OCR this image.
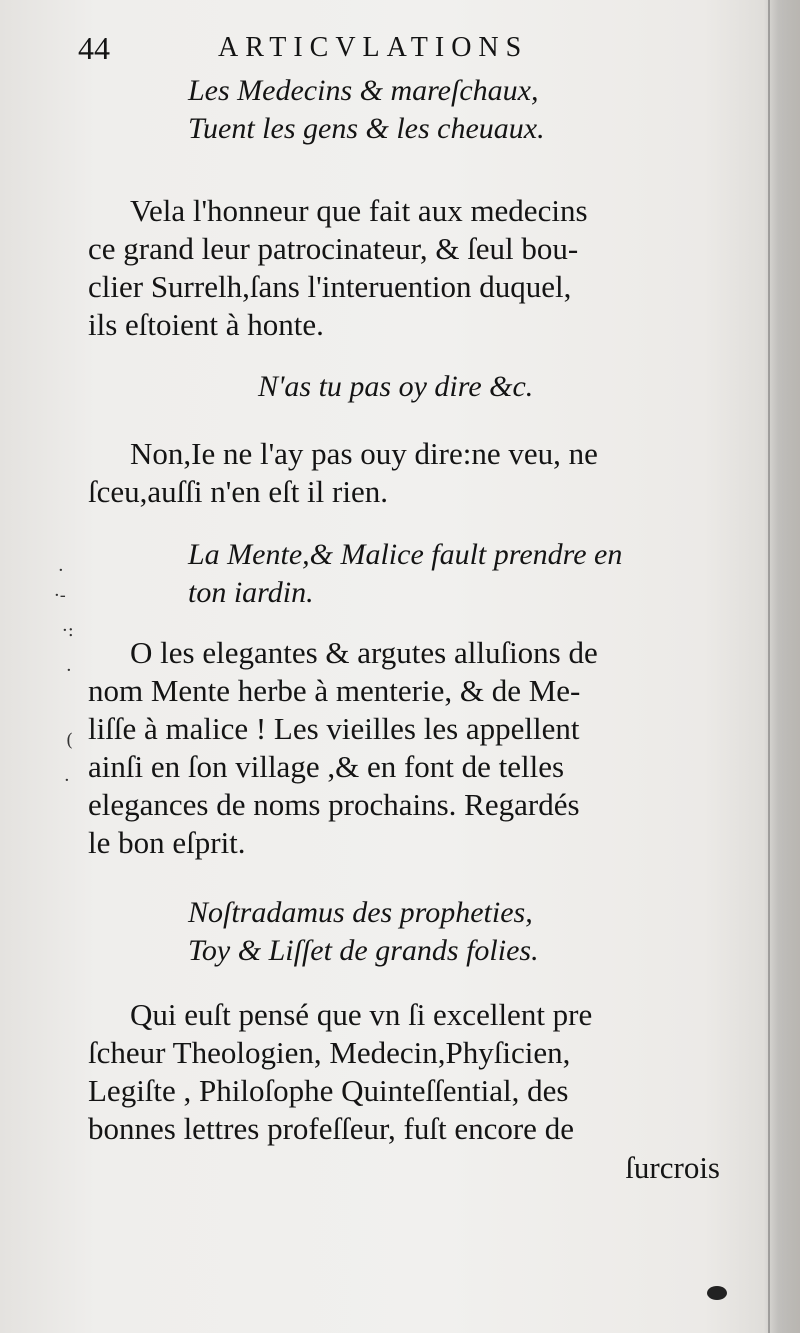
44	ARTICVLATIONS
Les Medecins & mareſchaux,
Tuent les gens & les cheuaux.
Vela l'honneur que fait aux medecins
ce grand leur patrocinateur, & ſeul bou-
clier Surrelh,ſans l'interuention duquel,
ils eſtoient à honte.
N'as tu pas oy dire &c.
Non,Ie ne l'ay pas ouy dire:ne veu, ne
ſceu,auſſi n'en eſt il rien.
La Mente,& Malice fault prendre en
ton iardin.
O les elegantes & argutes alluſions de
nom Mente herbe à menterie, & de Me-
liſſe à malice ! Les vieilles les appellent
ainſi en ſon village ,& en font de telles
elegances de noms prochains. Regardés
le bon eſprit.
Noſtradamus des propheties,
Toy & Liſſet de grands folies.
Qui euſt pensé que vn ſi excellent pre
ſcheur Theologien, Medecin,Phyſicien,
Legiſte , Philoſophe Quinteſſential, des
bonnes lettres profeſſeur, fuſt encore de
ſurcrois
·
·-
·:
·
(
·
